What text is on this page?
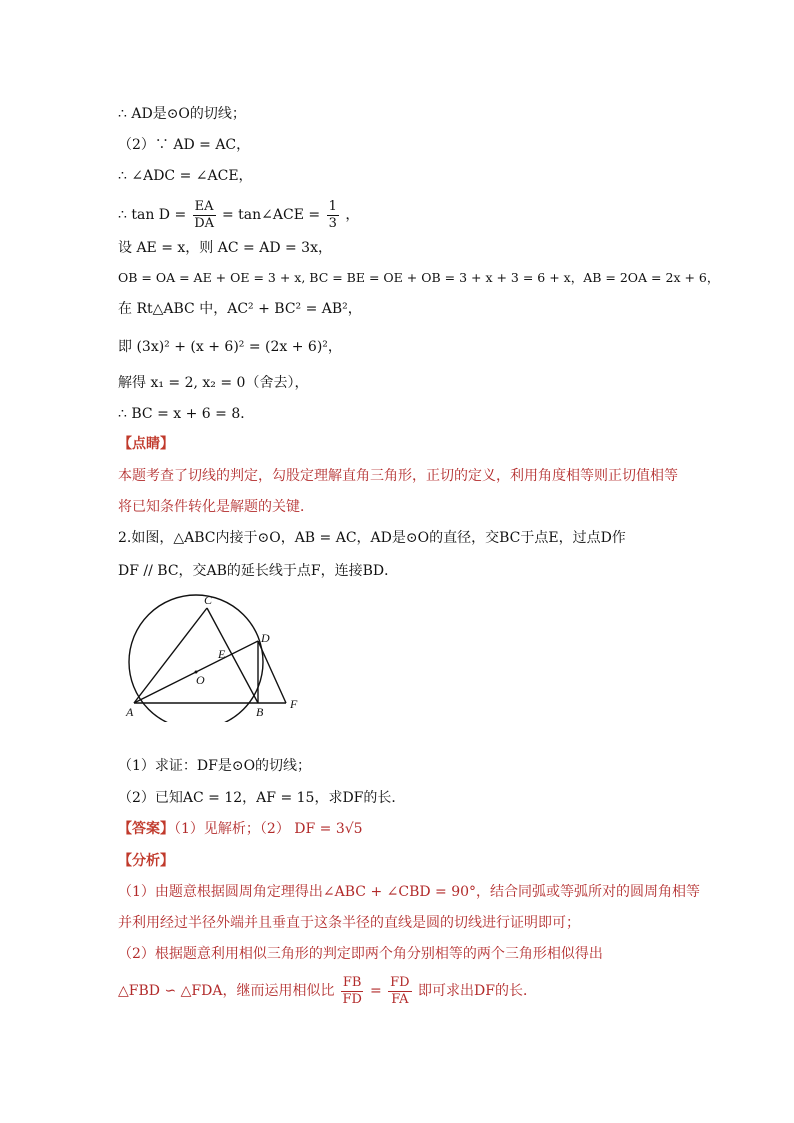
∴ AD是⊙O的切线；
（2）∵ AD = AC，
∴ ∠ADC = ∠ACE，
∴ $\tan D = \frac{EA}{DA}$ = tan∠ACE = $\frac{1}{3}$ ，
设 AE = x，则 AC = AD = 3x，
OB = OA = AE + OE = 3 + x, BC = BE = OE + OB = 3 + x + 3 = 6 + x，AB = 2OA = 2x + 6，
在 Rt△ABC 中，AC² + BC² = AB²，
即 (3x)² + (x + 6)² = (2x + 6)²，
解得 x₁ = 2, x₂ = 0（舍去），
∴ BC = x + 6 = 8．
【点睛】
本题考查了切线的判定，勾股定理解直角三角形，正切的定义，利用角度相等则正切值相等
将已知条件转化是解题的关键．
2.如图，△ABC内接于⊙O，AB = AC，AD是⊙O的直径，交BC于点E，过点D作
DF // BC，交AB的延长线于点F，连接BD．
A	B
C
D
E
F
O
（1）求证：DF是⊙O的切线；
（2）已知AC = 12，AF = 15，求DF的长．
【答案】（1）见解析；（2） DF = 3√5
【分析】
（1）由题意根据圆周角定理得出∠ABC + ∠CBD = 90°，结合同弧或等弧所对的圆周角相等
并利用经过半径外端并且垂直于这条半径的直线是圆的切线进行证明即可；
（2）根据题意利用相似三角形的判定即两个角分别相等的两个三角形相似得出
△FBD ∽ △FDA，继而运用相似比 $\frac{FB}{FD} = \frac{FD}{FA}$ 即可求出DF的长．
